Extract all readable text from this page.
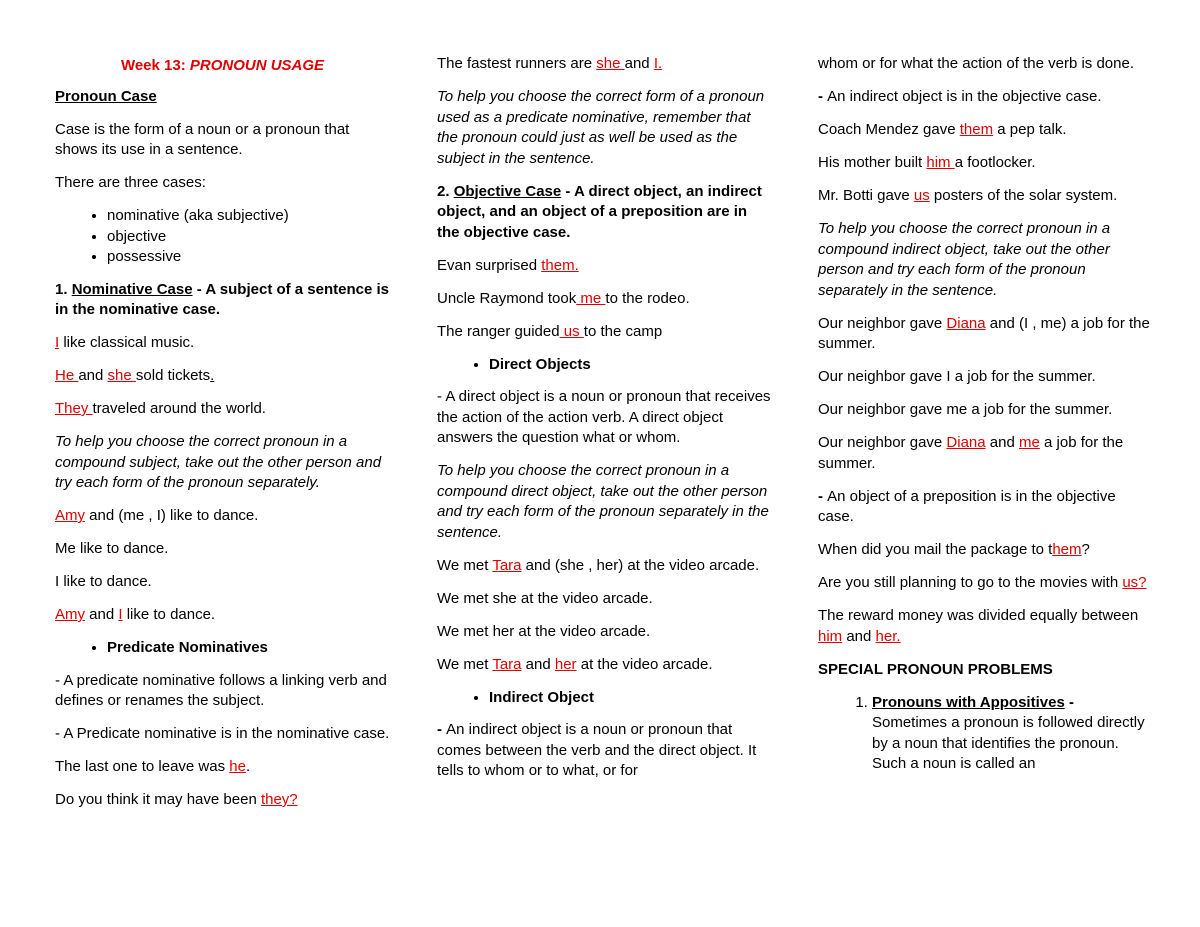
Week 13: PRONOUN USAGE

Pronoun Case

Case is the form of a noun or a pronoun that shows its use in a sentence.

There are three cases:

• nominative (aka subjective)
• objective
• possessive

1. Nominative Case - A subject of a sentence is in the nominative case.

I like classical music.

He and she sold tickets.

They traveled around the world.

To help you choose the correct pronoun in a compound subject, take out the other person and try each form of the pronoun separately.

Amy and (me , I) like to dance.

Me like to dance.

I like to dance.

Amy and I like to dance.

• Predicate Nominatives

- A predicate nominative follows a linking verb and defines or renames the subject.

- A Predicate nominative is in the nominative case.

The last one to leave was he.

Do you think it may have been they?

The fastest runners are she and I.

To help you choose the correct form of a pronoun used as a predicate nominative, remember that the pronoun could just as well be used as the subject in the sentence.

2. Objective Case - A direct object, an indirect object, and an object of a preposition are in the objective case.

Evan surprised them.

Uncle Raymond took me to the rodeo.

The ranger guided us to the camp

• Direct Objects

- A direct object is a noun or pronoun that receives the action of the action verb. A direct object answers the question what or whom.

To help you choose the correct pronoun in a compound direct object, take out the other person and try each form of the pronoun separately in the sentence.

We met Tara and (she , her) at the video arcade.

We met she at the video arcade.

We met her at the video arcade.

We met Tara and her at the video arcade.

• Indirect Object

- An indirect object is a noun or pronoun that comes between the verb and the direct object. It tells to whom or to what, or for

whom or for what the action of the verb is done.

- An indirect object is in the objective case.

Coach Mendez gave them a pep talk.

His mother built him a footlocker.

Mr. Botti gave us posters of the solar system.

To help you choose the correct pronoun in a compound indirect object, take out the other person and try each form of the pronoun separately in the sentence.

Our neighbor gave Diana and (I , me) a job for the summer.

Our neighbor gave I a job for the summer.

Our neighbor gave me a job for the summer.

Our neighbor gave Diana and me a job for the summer.

- An object of a preposition is in the objective case.

When did you mail the package to them?

Are you still planning to go to the movies with us?

The reward money was divided equally between him and her.

SPECIAL PRONOUN PROBLEMS

1. Pronouns with Appositives - Sometimes a pronoun is followed directly by a noun that identifies the pronoun. Such a noun is called an
